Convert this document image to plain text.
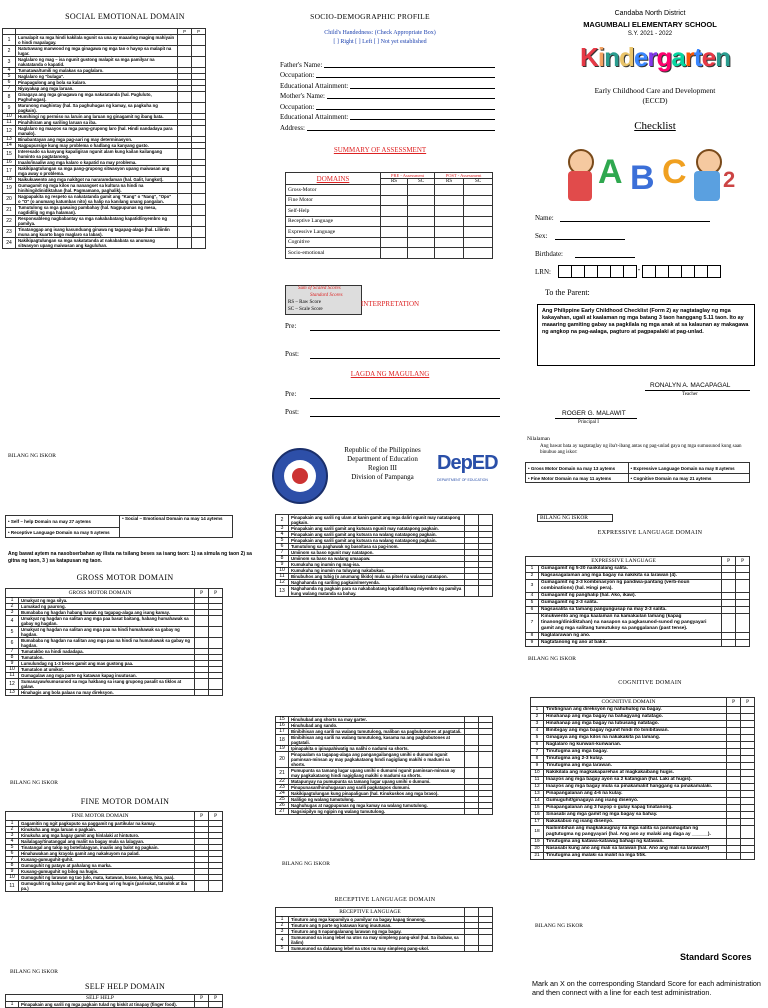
SOCIAL EMOTIONAL DOMAIN
		P	P
1	Lumalapit sa mga hindi kakilala ngunit sa una ay maaaring maging mahiyain o hindi mapalagay.		
2	Natutuwang manwood ng mga ginagawa ng mga tao o hayop sa malapit na lugar.		
3	Naglalaro ng mag – isa ngunit gustong malapit sa mga pamilyar na nakatatanda o kapatid.		
4	Tumatawa/tumili ng malakas sa paglalaro.		
5	Naglalaro ng "bulaga".		
6	Pinapagulong ang bola sa kalaro.		
7	Niyayakap ang mga laruan.		
8	Ginagaya ang mga ginagawa ng mga nakatatanda (hal. Pagluluto, Paghuhugas).		
9	Marunong maghintay (hal. Sa paghuhugas ng kamay, sa pagkuha ng pagkain).		
10	Humihingi ng permiso na laruin ang laruan ng ginagamit ng ibang bata.		
11	Pinahihiram ang sariling laruan sa iba.		
12	Naglalaro ng maayos sa mga pang-grupong laro (hal. Hindi nandadaya para manalo).		
13	Binabantayan ang mga pag-aari ng may determinasyon.		
14	Nagpupursige kung may problema o hadlang sa kanyang gusto.		
15	Interesado sa kanyang kapaligiran ngunit alam kung kailan kailangang huminto sa pagtatanong.		
16	Inaalo/inaaliw ang mga kalaro o kapatid na may problema.		
17	Nakikipagtulungan sa mga pang-grupong sitwasyon upang maiwasan ang mga away o problema.		
18	Naikukuwento ang mga nakitgot na nararamdaman (hal. Galit, lungkot).		
19	Gumagamit ng mga kilos na nanangset sa kultura na hindi na hinihingi/dinidiktahan (hal. Pagmamano, paghalik).		
20	Nagpapakita ng respeto sa nakatatanda gamit ang "Kang" o "Nang", "Opo" o "O" (o anumang katumbas nito) sa halip na kanilang unang pangalan.		
21	Tumutulong sa mga gawaing pambahay (hal. Nagpupunas ng mesa, nagdidilig ng mga halaman).		
22	Responsableng nagbabantay sa mga nakababatang kapatid/inyembro ng pamilya.		
23	Tinatanggap ang isang kasunduang ginawa ng tagapag-alaga (hal. Liliinlin muna ang kuarto bago maglaro sa labas).		
24	Nakikipagtulungan sa mga nakatatanda at nakababata sa anumang sitwasyon upang maiwasan ang kaguluhan.		
BILANG NG ISKOR
SOCIO-DEMOGRAPHIC PROFILE
Child's Handedness: (Check Appropriate Box)
[ ] Right [ ] Left [ ] Not yet established
Father's Name:
Occupation:
Educational Attainment:
Mother's Name:
Occupation:
Educational Attainment:
Address:
SUMMARY OF ASSESSMENT
DOMAINS	PRE - Assessment		POST - Assessment	
	RS	SC	RS	SC
Gross-Motor				
Fine Motor				
Self-Help				
Receptive Language				
Expressive Language				
Cognitive				
Socio-emotional				
Sum of Scaled Scores
Standard Scores
RS – Raw Score
SC – Scale Score
INTERPRETATION
Pre:
Post:
LAGDA NG MAGULANG
Pre:
Post:
Republic of the Philippines
Department of Education
Region III
Division of Pampanga
DepED
DEPARTMENT OF EDUCATION
Candaba North District
MAGUMBALI ELEMENTARY SCHOOL
S.Y. 2021 - 2022
Kindergarten
Early Childhood Care and Development (ECCD)
Checklist
A B C 2
Name:
Sex:
Birthdate:
LRN:	-
To the Parent:
Ang Philippine Early Childhood Checklist (Form 2) ay nagtataglay ng mga kakayahan, ugali at kaalaman ng mga batang 3 taon hanggang 5.11 taon. Ito ay maaaring gamiting gabay sa pagkilala ng mga anak at sa kalaunan ay makagawa ng angkop na pag-aalaga, pagturo at pagpapalaki at pag-unlad.
RONALYN A. MACAPAGAL
Teacher
ROGER G. MALAWIT
Principal I
Nilalaman
Ang bawat bata ay nagtataglay ng iba't-ibang antas ng pag-unlad gaya ng mga sumusunod kung saan binubuo ang iskor:
• Gross Motor Domain na may 13 aytems	• Expressive Language Domain na may 8 aytems
• Fine Motor Domain na may 11 aytems	• Cognitive Domain na may 21 aytems
• Self – help Domain na may 27 aytems	• Social – Emotional Domain na may 14 aytems
• Receptive Language Domain na may 5 aytems
Ang bawat aytem na nasobserbahan ay ilista na tsilang beses sa isang taon: 1) sa simula ng taon 2) sa gitna ng taon, 3 ) sa katapusan ng taon.
GROSS MOTOR DOMAIN
GROSS MOTOR DOMAIN		P	P
1	Umakyat ng mga silya.		
2	Lumakad ng paurong.		
3	Bumababa ng hagdan habang hawak ng tagapag-alaga ang isang kamay.		
4	Umakyat ng hagdan na salitan ang mga paa basat baitang, habang humahawak sa gabay ng hagdan.		
5	Umakyat ng hagdan na salitan ang mga paa na hindi humahawak sa gabay ng hagdan.		
6	Bumababa ng hagdan na salitan ang mga paa na hindi na humahawak sa gabay ng hagdan.		
7	Tumatakbo na hindi nadadapa.		
8	Tumatalon.		
9	Lumulundag ng 1-3 beses gamit ang mas gustong paa.		
10	Tumatalon at umikot.		
11	Gumagalaw ang mga parte ng katawan kapag inuutusan.		
12	Sumasayaw/sumusunod sa mga hakbang sa isang grupong pasalit sa tiklos at galaw.		
13	Hinahagis ang bola palaas na may direksyon.		
BILANG NG ISKOR
FINE MOTOR DOMAIN
FINE MOTOR DOMAIN		P	P
1	Gagamitin ng ngit pagkuputo sa paggamit ng partikular na kamay.		
2	Kinukuha ang mga laruan o pagkain.		
3	Kinukuha ang mga bagay gamit ang hinlalaki at hintuturo.		
4	Nailalagay/tinatanggal ang maliit na bagay mula sa lalagyan.		
5	Tinatangal ang takip ng bote/lalagyan, inaalis ang balot ng pagkain.		
6	Hinahawakan ang krayola gamit ang nakakuyom na palad.		
7	Kusang-gumuguhit-guhit.		
8	Gumuguhit ng patayo at pahalang na marka.		
9	Kusang-gumuguhit ng bilog na hugis.		
10	Gumuguhit ng larawan ng tao (ulo, mata, katawan, braso, kamay, hita, paa).		
11	Gumuguhit ng bahay gamit ang iba't-ibang uri ng hugis (parisukat, tatsulok at iba pa.)		
BILANG NG ISKOR
SELF HELP DOMAIN
SELF HELP		P	P
1	Pinapakain ang sarili ng mga pagkain tulad ng biskit at tinapay (finger food).		
2	Pinapakain ang sarili ng ulam at kanin gamit ang mga daliri ngunit may natatapong pagkain.		
3	Pinapakain ang sarili gamit ang kutsara ngunit may natatapong pagkain.		
4	Pinapakain ang sarili gamit ang kutsara na walang natatapong pagkain.		
5	Pinapakain ang sarili gamit ang kutsara na walang natatapong pagkain.		
6	Tumutulong sa paghawak ng baso/tasa sa pag-inom.		
7	Umiinom sa baso ngunit may natatapon.		
8	Umiinom sa baso na walang umaapaw.		
9	Kumukuha ng inumin ng mag-isa.		
10	Kumukuha ng inumin na tuluyang nakabukas.		
11	Binubuhos ang tubig (o anumang likido) mula sa pitsel na walang natatapon.		
12	Naghahanda ng sariling pagkain/meryenda.		
13	Naghahanda ng pagkain para sa nakababatang kapatid/ibang miyembro ng pamilya kung walang matanda sa bahay.		
15	Hinuhubad ang shorts na may garter.		
16	Hinuhubad ang sando.		
17	Binibihisan ang sarili na walang tumutulong, maliban sa pagbubutones at pagtatali.		
18	Binibihisan ang sarili na walang tumutulong, kasama na ang pagbubutones at pagtatali.		
19	Ipinapakita o ipinapahiwatig na nalihi o nadumi sa shorts.		
20	Pinapaalam sa tagapag-alaga ang pangangailangang umihi o dumumi ngunit paminsan-minsan ay may pagkakataong hindi nagigliang makihi o madumi sa shorts.		
21	Pumupunta sa tamang lugar upang umihi o dumumi ngunit paminsan-minsan ay may pagkakataong hindi nagigliang makihi o madumi sa shorts.		
22	Matapunyay na pumupunta sa tamang lugar upang umihi o dumumi.		
23	Pinupunasan/hinuhugasan ang sarili pagkatapos dumumi.		
24	Nakikipagtulungan kung pinapaliguan (hal. Kinukuskos ang mga braso).		
25	Naliligo ng walang tumutulong.		
26	Naghuhugas at nagpupunas ng mga kamay na walang tumutulong.		
27	Nagsisipilyo ng ngipin ng walang tumutulong.		
BILANG NG ISKOR
RECEPTIVE LANGUAGE DOMAIN
RECEPTIVE LANGUAGE			
1	Tinuturo ang mga kapamilya o pamilyar na bagay kapag tinanong.		
2	Tinuturo ang 5 parte ng katawan kung inuutusan.		
3	Tinuturo ang 5 napangalanang larawan ng mga bagay.		
4	Sumusunod sa isang lebel na utos na may simpleng pang-ukol (hal. Sa ibabaw, sa ilalim)		
5	Sumusunod sa dalawang lebel na utos na may simpleng pang-ukol.		
BILANG NG ISKOR
EXPRESSIVE LANGUAGE DOMAIN
EXPRESSIVE LANGUAGE		P	P
1	Gumagamit ng 5-20 naiikilalang salita.		
2	Nagsasagalaman ang mga bagay na nakikita sa larawan (4).		
3	Gumagamit ng 2-3 kombinasyon ng pandiwa-pantang (verb-noun combinations) (hal. Hingi pera).		
4	Gumagamit ng panghalip (hal. Ako, ikaw).		
5	Gumagamit ng 2-3 salita.		
6	Nagsasalita sa tamang pangungusap na may 2-3 salita.		
7	Kinukwento ang mga kaalaman na kamakailan lamang (kapag tinanong/dinidiktahan) na nasapon sa pagkasunod-sunod ng pangyayari gamit ang mga salitang tumutukoy sa panggalanan (past tense).		
8	Naglalarawan ng ano.		
9	Nagtatanong ng ano at bakit.		
BILANG NG ISKOR
COGNITIVE DOMAIN
COGNITIVE DOMAIN		P	P
1	Tinitingnan ang direksyon ng nahuhulog na bagay.		
2	Hinahanap ang mga bagay na bahagyang natatago.		
3	Hinahanap ang mga bagay na lubusang natatago.		
4	Binibigay ang mga bagay ngunit hindi ito binibitawan.		
5	Ginagaya ang mga kilos na nakakakita pa lamang.		
6	Naglalaro ng kunwari-kunwarian.		
7	Tinutugma ang mga bagay.		
8	Tinutugma ang 2-3 kulay.		
9	Tinutugma ang mga larawan.		
10	Nakikilala ang magkakaparehas at magkakaibang hugis.		
11	Inaayos ang mga bagay ayon sa 2 katangian (hal. Laki at hugis).		
12	Inaayos ang mga bagay mula sa pinakamaliit hanggang sa pinakamalaki.		
13	Pinapangalanan ang 4-6 na kulay.		
14	Gumuguhit/ginagaya ang isang disenyo.		
15	Pinapangalanan ang 3 hayop o gulay kapag tinatanong.		
16	Sinasabi ang mga gamit ng mga bagay sa bahay.		
17	Nakakabuo ng isang disenyo.		
18	Nailiimbihan ang magkakaugnay na mga salita sa pamamagitan ng pagtutugma ng pangyayari (hal. Ang aso ay malaki ang daga ay ______).		
19	Tinutugma ang katawa-katawag bahagi ng katawan.		
20	Nasasabi kung ano ang mali sa larawan (hal. Ano ang mali sa larawan?)		
21	Tinutugma ang malaki sa maliit na mga titik.		
BILANG NG ISKOR
Standard Scores
Mark an X on the corresponding Standard Score for each administration and then connect with a line for each test administration.
